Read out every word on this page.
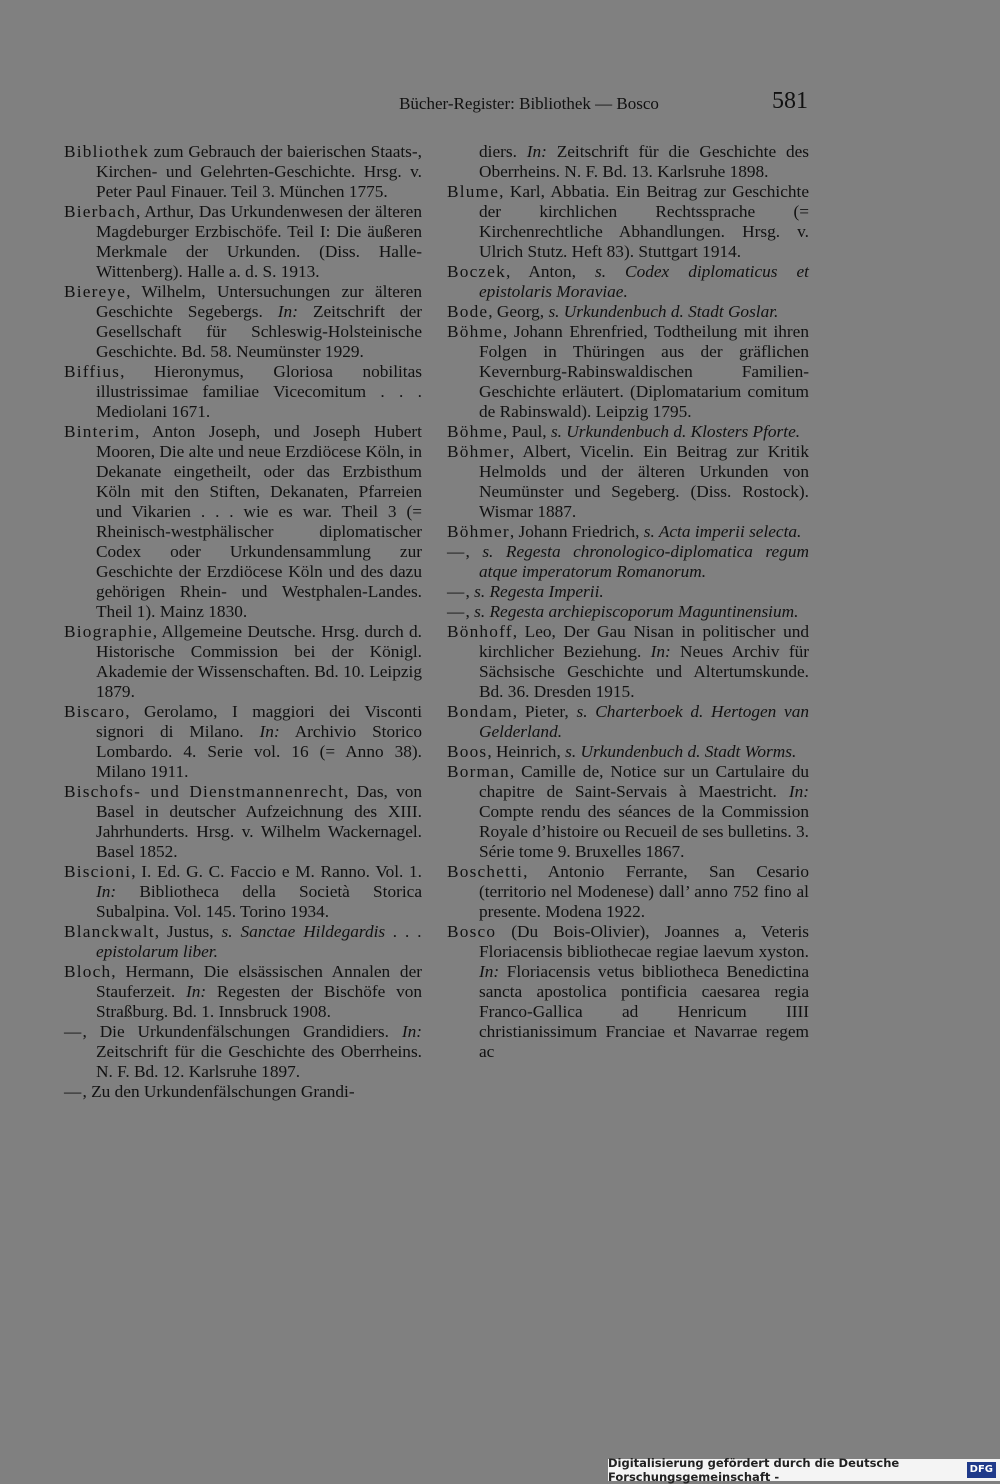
Bücher-Register: Bibliothek — Bosco	581

Bibliothek zum Gebrauch der baierischen Staats-, Kirchen- und Gelehrten-Geschichte. Hrsg. v. Peter Paul Finauer. Teil 3. München 1775.

Bierbach, Arthur, Das Urkundenwesen der älteren Magdeburger Erzbischöfe. Teil I: Die äußeren Merkmale der Urkunden. (Diss. Halle-Wittenberg). Halle a. d. S. 1913.

Biereye, Wilhelm, Untersuchungen zur älteren Geschichte Segebergs. In: Zeitschrift der Gesellschaft für Schleswig-Holsteinische Geschichte. Bd. 58. Neumünster 1929.

Biffius, Hieronymus, Gloriosa nobilitas illustrissimae familiae Vicecomitum . . . Mediolani 1671.

Binterim, Anton Joseph, und Joseph Hubert Mooren, Die alte und neue Erzdiöcese Köln, in Dekanate eingetheilt, oder das Erzbisthum Köln mit den Stiften, Dekanaten, Pfarreien und Vikarien . . . wie es war. Theil 3 (= Rheinisch-westphälischer diplomatischer Codex oder Urkundensammlung zur Geschichte der Erzdiöcese Köln und des dazu gehörigen Rhein- und Westphalen-Landes. Theil 1). Mainz 1830.

Biographie, Allgemeine Deutsche. Hrsg. durch d. Historische Commission bei der Königl. Akademie der Wissenschaften. Bd. 10. Leipzig 1879.

Biscaro, Gerolamo, I maggiori dei Visconti signori di Milano. In: Archivio Storico Lombardo. 4. Serie vol. 16 (= Anno 38). Milano 1911.

Bischofs- und Dienstmannenrecht, Das, von Basel in deutscher Aufzeichnung des XIII. Jahrhunderts. Hrsg. v. Wilhelm Wackernagel. Basel 1852.

Biscioni, I. Ed. G. C. Faccio e M. Ranno. Vol. 1. In: Bibliotheca della Società Storica Subalpina. Vol. 145. Torino 1934.

Blanckwalt, Justus, s. Sanctae Hildegardis . . . epistolarum liber.

Bloch, Hermann, Die elsässischen Annalen der Stauferzeit. In: Regesten der Bischöfe von Straßburg. Bd. 1. Innsbruck 1908.

—, Die Urkundenfälschungen Grandidiers. In: Zeitschrift für die Geschichte des Oberrheins. N. F. Bd. 12. Karlsruhe 1897.

—, Zu den Urkundenfälschungen Grandi-

diers. In: Zeitschrift für die Geschichte des Oberrheins. N. F. Bd. 13. Karlsruhe 1898.

Blume, Karl, Abbatia. Ein Beitrag zur Geschichte der kirchlichen Rechtssprache (= Kirchenrechtliche Abhandlungen. Hrsg. v. Ulrich Stutz. Heft 83). Stuttgart 1914.

Boczek, Anton, s. Codex diplomaticus et epistolaris Moraviae.

Bode, Georg, s. Urkundenbuch d. Stadt Goslar.

Böhme, Johann Ehrenfried, Todtheilung mit ihren Folgen in Thüringen aus der gräflichen Kevernburg-Rabinswaldischen Familien-Geschichte erläutert. (Diplomatarium comitum de Rabinswald). Leipzig 1795.

Böhme, Paul, s. Urkundenbuch d. Klosters Pforte.

Böhmer, Albert, Vicelin. Ein Beitrag zur Kritik Helmolds und der älteren Urkunden von Neumünster und Segeberg. (Diss. Rostock). Wismar 1887.

Böhmer, Johann Friedrich, s. Acta imperii selecta.

—, s. Regesta chronologico-diplomatica regum atque imperatorum Romanorum.

—, s. Regesta Imperii.

—, s. Regesta archiepiscoporum Maguntinensium.

Bönhoff, Leo, Der Gau Nisan in politischer und kirchlicher Beziehung. In: Neues Archiv für Sächsische Geschichte und Altertumskunde. Bd. 36. Dresden 1915.

Bondam, Pieter, s. Charterboek d. Hertogen van Gelderland.

Boos, Heinrich, s. Urkundenbuch d. Stadt Worms.

Borman, Camille de, Notice sur un Cartulaire du chapitre de Saint-Servais à Maestricht. In: Compte rendu des séances de la Commission Royale d’histoire ou Recueil de ses bulletins. 3. Série tome 9. Bruxelles 1867.

Boschetti, Antonio Ferrante, San Cesario (territorio nel Modenese) dall’ anno 752 fino al presente. Modena 1922.

Bosco (Du Bois-Olivier), Joannes a, Veteris Floriacensis bibliothecae regiae laevum xyston. In: Floriacensis vetus bibliotheca Benedictina sancta apostolica pontificia caesarea regia Franco-Gallica ad Henricum IIII christianissimum Franciae et Navarrae regem ac

Digitalisierung gefördert durch die Deutsche Forschungsgemeinschaft -
DFG
